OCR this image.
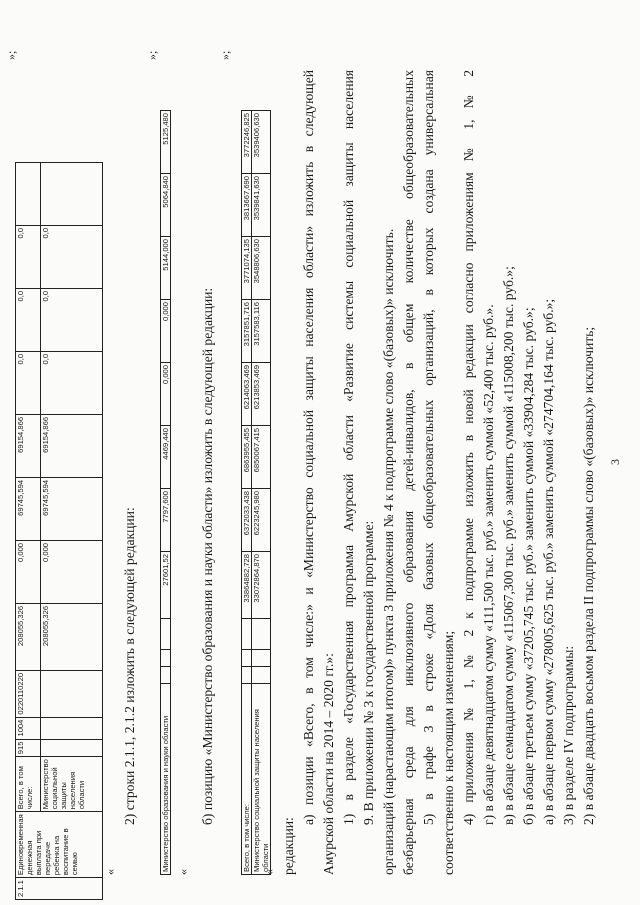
3
2) в абзаце двадцать восьмом раздела II подпрограммы слово «(базовых)» исключить;
3) в разделе IV подпрограммы:
а) в абзаце первом сумму «278005,625 тыс. руб.» заменить суммой «274704,164 тыс. руб.»;
б) в абзаце третьем сумму «37205,745 тыс. руб.» заменить суммой «33904,284 тыс. руб.»;
в) в абзаце семнадцатом сумму «115067,300 тыс. руб.» заменить суммой «115008,200 тыс. руб.»;
г) в абзаце девятнадцатом сумму «111,500 тыс. руб.» заменить суммой «52,400 тыс. руб.».
4) приложения № 1, № 2 к подпрограмме изложить в новой редакции согласно приложениям № 1, № 2
соответственно к настоящим изменениям;
5) в графе 3 в строке «Доля базовых общеобразовательных организаций, в которых создана универсальная
безбарьерная среда для инклюзивного образования детей-инвалидов, в общем количестве общеобразовательных
организаций (нарастающим итогом)» пункта 3 приложения № 4 к подпрограмме слово «(базовых)» исключить.
9. В приложении № 3 к государственной программе:
1) в разделе «Государственная программа Амурской области «Развитие системы социальной защиты населения
Амурской области на 2014 – 2020 гг.»:
а) позиции «Всего, в том числе:» и «Министерство социальной защиты населения области» изложить в следующей
редакции:
«
Всего, в том числе:				33864882,728	6372033,438	6863955,455	6214063,469	3157851,716	3771074,135	3813667,690	3772246,825
Министерство социальной защиты населения области				33072864,870	6223245,980	6850067,415	6213853,469	3157583,116	3548806,630	3539841,630	3539406,630
»;
б) позицию «Министерство образования и науки области» изложить в следующей редакции:
«
Министерство образования и науки области				27601,52	7797,600	4469,440	0,000	0,000	5144,000	5064,840	5125,480
»;
2) строки 2.1.1, 2.1.2 изложить в следующей редакции:
«
2.1.1	Единовременная денежная выплата при передаче ребенка на воспитание в семью	Всего, в том числе:	915	1004	0220110220	208055,326	0,000	69745,594	69154,866	0,0	0,0	0,0	
		Министерство социальной защиты населения области				208055,326	0,000	69745,594	69154,866	0,0	0,0	0,0	
»;
